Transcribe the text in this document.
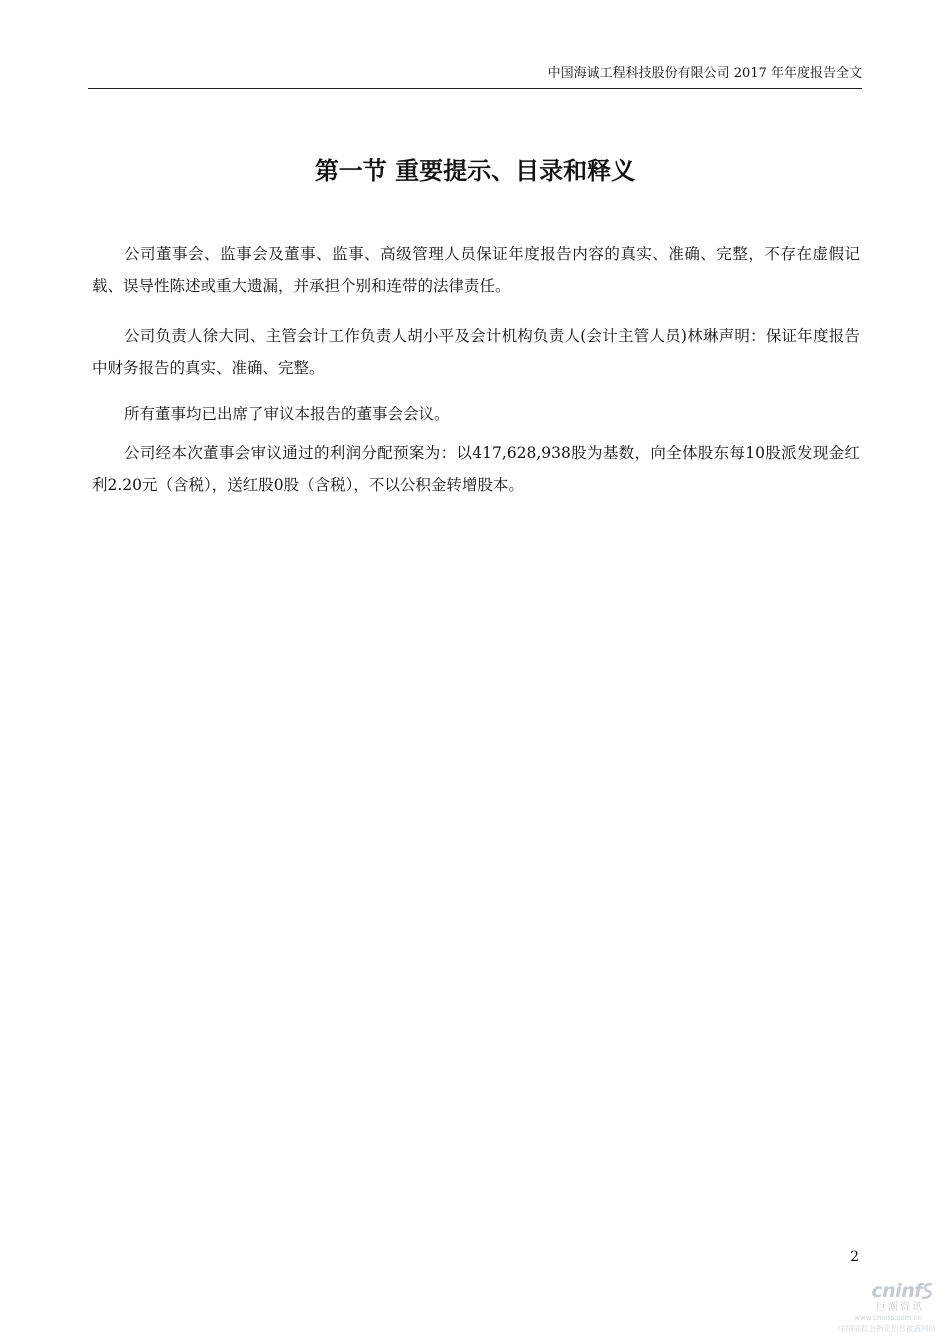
中国海诚工程科技股份有限公司 2017 年年度报告全文
第一节 重要提示、目录和释义

公司董事会、监事会及董事、监事、高级管理人员保证年度报告内容的真实、准确、完整，不存在虚假记载、误导性陈述或重大遗漏，并承担个别和连带的法律责任。

公司负责人徐大同、主管会计工作负责人胡小平及会计机构负责人(会计主管人员)林琳声明：保证年度报告中财务报告的真实、准确、完整。

所有董事均已出席了审议本报告的董事会会议。

公司经本次董事会审议通过的利润分配预案为：以417,628,938股为基数，向全体股东每10股派发现金红利2.20元（含税），送红股0股（含税），不以公积金转增股本。

2
cninf
巨潮资讯
www.cninfo.com.cn
中国证监会指定信息披露网站
